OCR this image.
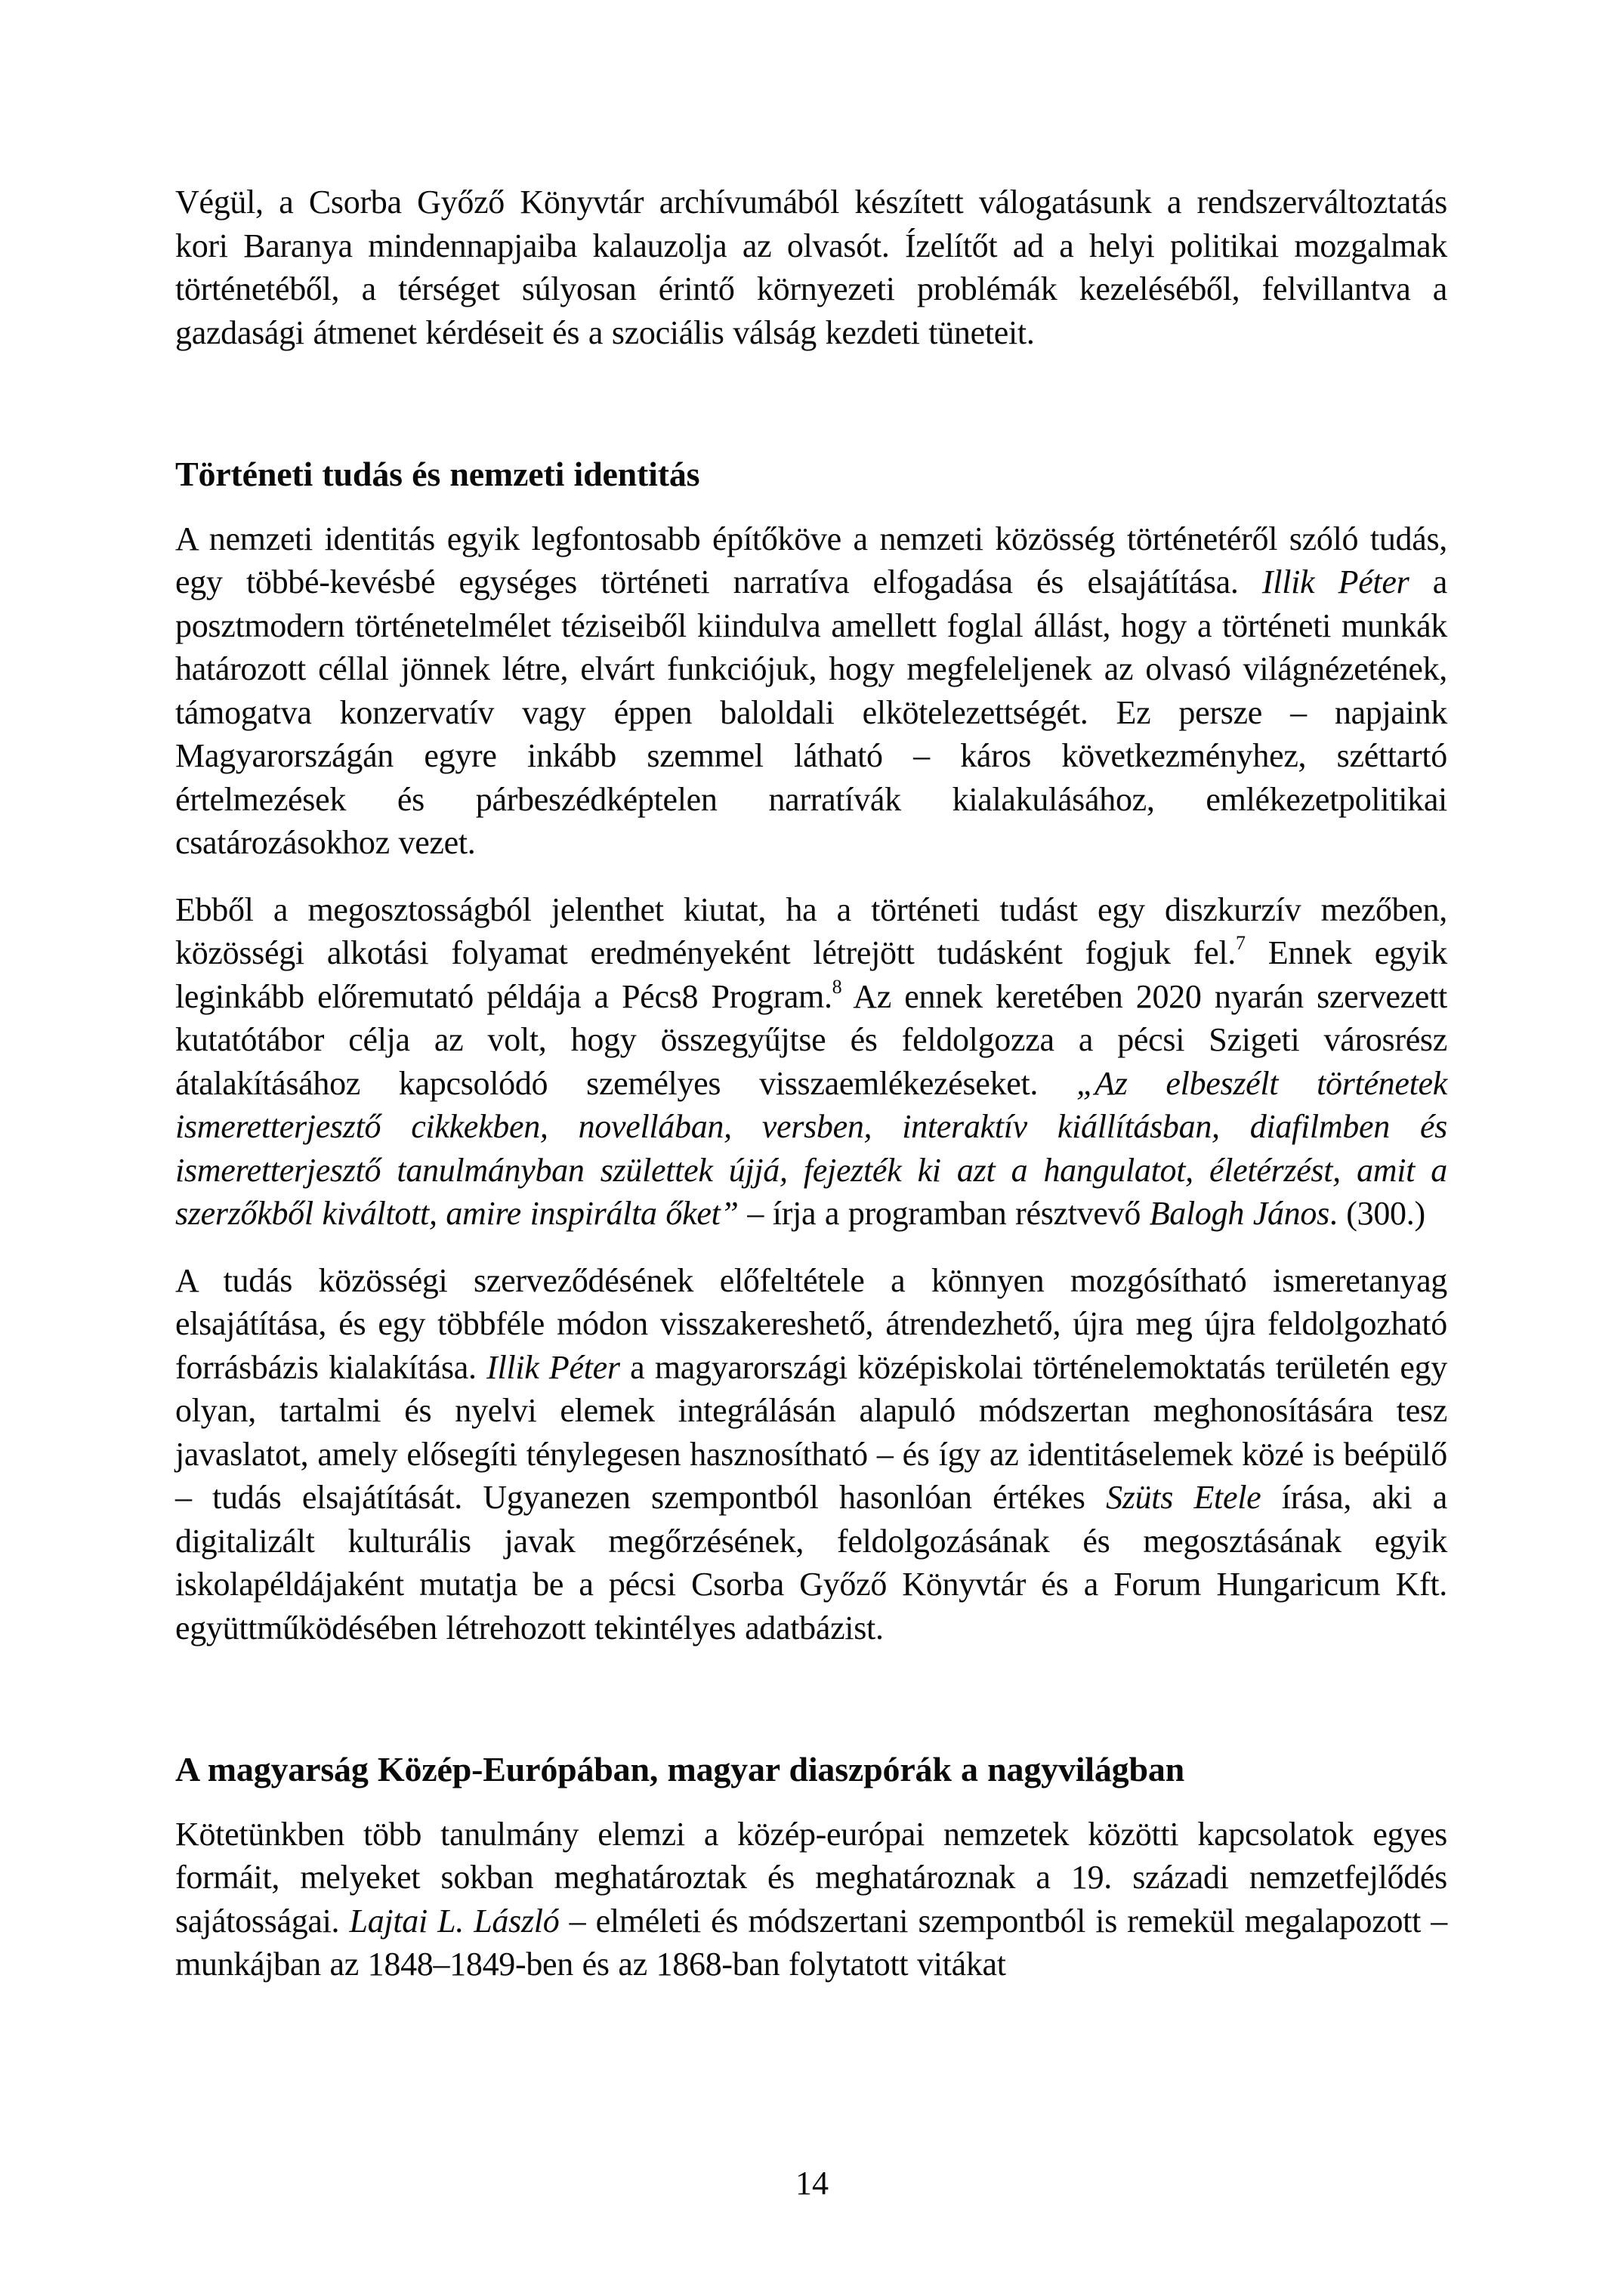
Végül, a Csorba Győző Könyvtár archívumából készített válogatásunk a rendszerváltoztatás kori Baranya mindennapjaiba kalauzolja az olvasót. Ízelítőt ad a helyi politikai mozgalmak történetéből, a térséget súlyosan érintő környezeti problémák kezeléséből, felvillantva a gazdasági átmenet kérdéseit és a szociális válság kezdeti tüneteit.

Történeti tudás és nemzeti identitás

A nemzeti identitás egyik legfontosabb építőköve a nemzeti közösség történetéről szóló tudás, egy többé-kevésbé egységes történeti narratíva elfogadása és elsajátítása. Illik Péter a posztmodern történetelmélet téziseiből kiindulva amellett foglal állást, hogy a történeti munkák határozott céllal jönnek létre, elvárt funkciójuk, hogy megfeleljenek az olvasó világnézetének, támogatva konzervatív vagy éppen baloldali elkötelezettségét. Ez persze – napjaink Magyarországán egyre inkább szemmel látható – káros következményhez, széttartó értelmezések és párbeszédképtelen narratívák kialakulásához, emlékezetpolitikai csatározásokhoz vezet.

Ebből a megosztosságból jelenthet kiutat, ha a történeti tudást egy diszkurzív mezőben, közösségi alkotási folyamat eredményeként létrejött tudásként fogjuk fel.$^7$ Ennek egyik leginkább előremutató példája a Pécs8 Program.$^8$ Az ennek keretében 2020 nyarán szervezett kutatótábor célja az volt, hogy összegyűjtse és feldolgozza a pécsi Szigeti városrész átalakításához kapcsolódó személyes visszaemlékezéseket. „Az elbeszélt történetek ismeretterjesztő cikkekben, novellában, versben, interaktív kiállításban, diafilmben és ismeretterjesztő tanulmányban születtek újjá, fejezték ki azt a hangulatot, életérzést, amit a szerzőkből kiváltott, amire inspirálta őket” – írja a programban résztvevő Balogh János. (300.)

A tudás közösségi szerveződésének előfeltétele a könnyen mozgósítható ismeretanyag elsajátítása, és egy többféle módon visszakereshető, átrendezhető, újra meg újra feldolgozható forrásbázis kialakítása. Illik Péter a magyarországi középiskolai történelemoktatás területén egy olyan, tartalmi és nyelvi elemek integrálásán alapuló módszertan meghonosítására tesz javaslatot, amely elősegíti ténylegesen hasznosítható – és így az identitáselemek közé is beépülő – tudás elsajátítását. Ugyanezen szempontból hasonlóan értékes Szüts Etele írása, aki a digitalizált kulturális javak megőrzésének, feldolgozásának és megosztásának egyik iskolapéldájaként mutatja be a pécsi Csorba Győző Könyvtár és a Forum Hungaricum Kft. együttműködésében létrehozott tekintélyes adatbázist.

A magyarság Közép-Európában, magyar diaszpórák a nagyvilágban

Kötetünkben több tanulmány elemzi a közép-európai nemzetek közötti kapcsolatok egyes formáit, melyeket sokban meghatároztak és meghatároznak a 19. századi nemzetfejlődés sajátosságai. Lajtai L. László – elméleti és módszertani szempontból is remekül megalapozott – munkájban az 1848–1849-ben és az 1868-ban folytatott vitákat

14
